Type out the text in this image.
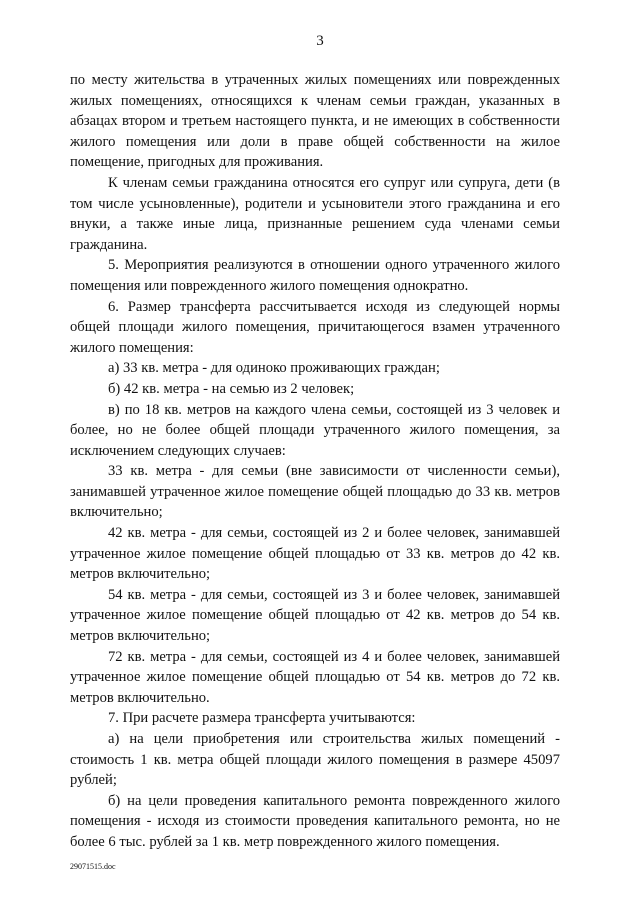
3

по месту жительства в утраченных жилых помещениях или поврежденных жилых помещениях, относящихся к членам семьи граждан, указанных в абзацах втором и третьем настоящего пункта, и не имеющих в собственности жилого помещения или доли в праве общей собственности на жилое помещение, пригодных для проживания.

К членам семьи гражданина относятся его супруг или супруга, дети (в том числе усыновленные), родители и усыновители этого гражданина и его внуки, а также иные лица, признанные решением суда членами семьи гражданина.

5. Мероприятия реализуются в отношении одного утраченного жилого помещения или поврежденного жилого помещения однократно.

6. Размер трансферта рассчитывается исходя из следующей нормы общей площади жилого помещения, причитающегося взамен утраченного жилого помещения:

а) 33 кв. метра - для одиноко проживающих граждан;

б) 42 кв. метра - на семью из 2 человек;

в) по 18 кв. метров на каждого члена семьи, состоящей из 3 человек и более, но не более общей площади утраченного жилого помещения, за исключением следующих случаев:

33 кв. метра - для семьи (вне зависимости от численности семьи), занимавшей утраченное жилое помещение общей площадью до 33 кв. метров включительно;

42 кв. метра - для семьи, состоящей из 2 и более человек, занимавшей утраченное жилое помещение общей площадью от 33 кв. метров до 42 кв. метров включительно;

54 кв. метра - для семьи, состоящей из 3 и более человек, занимавшей утраченное жилое помещение общей площадью от 42 кв. метров до 54 кв. метров включительно;

72 кв. метра - для семьи, состоящей из 4 и более человек, занимавшей утраченное жилое помещение общей площадью от 54 кв. метров до 72 кв. метров включительно.

7. При расчете размера трансферта учитываются:

а) на цели приобретения или строительства жилых помещений - стоимость 1 кв. метра общей площади жилого помещения в размере 45097 рублей;

б) на цели проведения капитального ремонта поврежденного жилого помещения - исходя из стоимости проведения капитального ремонта, но не более 6 тыс. рублей за 1 кв. метр поврежденного жилого помещения.

29071515.doc
